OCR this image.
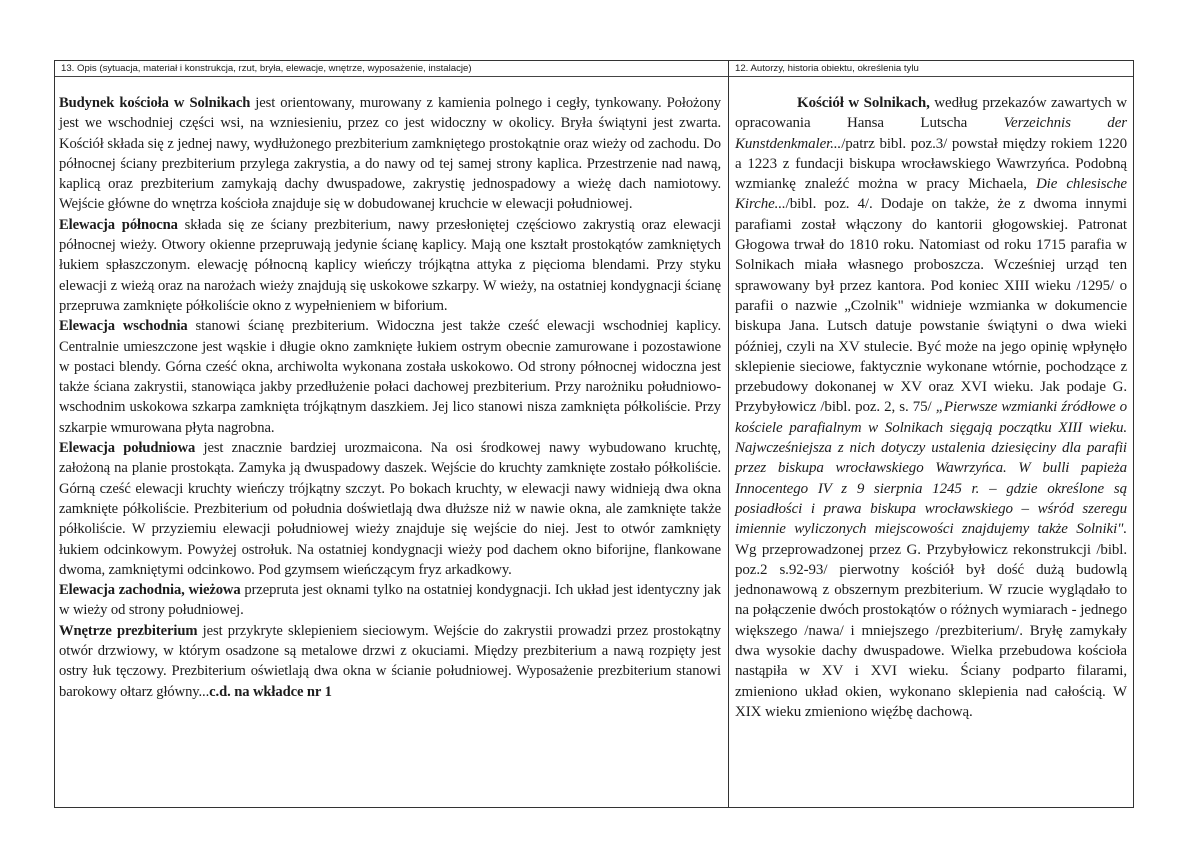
13. Opis (sytuacja, materiał i konstrukcja, rzut, bryła, elewacje, wnętrze, wyposażenie, instalacje)	12. Autorzy, historia obiektu, określenia tylu

Budynek kościoła w Solnikach jest orientowany, murowany z kamienia polnego i cegły, tynkowany. Położony jest we wschodniej części wsi, na wzniesieniu, przez co jest widoczny w okolicy. Bryła świątyni jest zwarta. Kościół składa się z jednej nawy, wydłużonego prezbiterium zamkniętego prostokątnie oraz wieży od zachodu. Do północnej ściany prezbiterium przylega zakrystia, a do nawy od tej samej strony kaplica. Przestrzenie nad nawą, kaplicą oraz prezbiterium zamykają dachy dwuspadowe, zakrystię jednospadowy a wieżę dach namiotowy. Wejście główne do wnętrza kościoła znajduje się w dobudowanej kruchcie w elewacji południowej.

Elewacja północna składa się ze ściany prezbiterium, nawy przesłoniętej częściowo zakrystią oraz elewacji północnej wieży. Otwory okienne przepruwają jedynie ścianę kaplicy. Mają one kształt prostokątów zamkniętych łukiem spłaszczonym. elewację północną kaplicy wieńczy trójkątna attyka z pięcioma blendami. Przy styku elewacji z wieżą oraz na narożach wieży znajdują się uskokowe szkarpy. W wieży, na ostatniej kondygnacji ścianę przepruwa zamknięte półkoliście okno z wypełnieniem w biforium.

Elewacja wschodnia stanowi ścianę prezbiterium. Widoczna jest także cześć elewacji wschodniej kaplicy. Centralnie umieszczone jest wąskie i długie okno zamknięte łukiem ostrym obecnie zamurowane i pozostawione w postaci blendy. Górna cześć okna, archiwolta wykonana została uskokowo. Od strony północnej widoczna jest także ściana zakrystii, stanowiąca jakby przedłużenie połaci dachowej prezbiterium. Przy narożniku południowo-wschodnim uskokowa szkarpa zamknięta trójkątnym daszkiem. Jej lico stanowi nisza zamknięta półkoliście. Przy szkarpie wmurowana płyta nagrobna.

Elewacja południowa jest znacznie bardziej urozmaicona. Na osi środkowej nawy wybudowano kruchtę, założoną na planie prostokąta. Zamyka ją dwuspadowy daszek. Wejście do kruchty zamknięte zostało półkoliście. Górną cześć elewacji kruchty wieńczy trójkątny szczyt. Po bokach kruchty, w elewacji nawy widnieją dwa okna zamknięte półkoliście. Prezbiterium od południa doświetlają dwa dłuższe niż w nawie okna, ale zamknięte także półkoliście. W przyziemiu elewacji południowej wieży znajduje się wejście do niej. Jest to otwór zamknięty łukiem odcinkowym. Powyżej ostrołuk. Na ostatniej kondygnacji wieży pod dachem okno biforijne, flankowane dwoma, zamkniętymi odcinkowo. Pod gzymsem wieńczącym fryz arkadkowy.

Elewacja zachodnia, wieżowa przepruta jest oknami tylko na ostatniej kondygnacji. Ich układ jest identyczny jak w wieży od strony południowej.

Wnętrze prezbiterium jest przykryte sklepieniem sieciowym. Wejście do zakrystii prowadzi przez prostokątny otwór drzwiowy, w którym osadzone są metalowe drzwi z okuciami. Między prezbiterium a nawą rozpięty jest ostry łuk tęczowy. Prezbiterium oświetlają dwa okna w ścianie południowej. Wyposażenie prezbiterium stanowi barokowy ołtarz główny...c.d. na wkładce nr 1

Kościół w Solnikach, według przekazów zawartych w opracowania Hansa Lutscha Verzeichnis der Kunstdenkmaler.../patrz bibl. poz.3/ powstał między rokiem 1220 a 1223 z fundacji biskupa wrocławskiego Wawrzyńca. Podobną wzmiankę znaleźć można w pracy Michaela, Die chlesische Kirche.../bibl. poz. 4/. Dodaje on także, że z dwoma innymi parafiami został włączony do kantorii głogowskiej. Patronat Głogowa trwał do 1810 roku. Natomiast od roku 1715 parafia w Solnikach miała własnego proboszcza. Wcześniej urząd ten sprawowany był przez kantora. Pod koniec XIII wieku /1295/ o parafii o nazwie „Czolnik" widnieje wzmianka w dokumencie biskupa Jana. Lutsch datuje powstanie świątyni o dwa wieki później, czyli na XV stulecie. Być może na jego opinię wpłynęło sklepienie sieciowe, faktycznie wykonane wtórnie, pochodzące z przebudowy dokonanej w XV oraz XVI wieku. Jak podaje G. Przybyłowicz /bibl. poz. 2, s. 75/ „Pierwsze wzmianki źródłowe o kościele parafialnym w Solnikach sięgają początku XIII wieku. Najwcześniejsza z nich dotyczy ustalenia dziesięciny dla parafii przez biskupa wrocławskiego Wawrzyńca. W bulli papieża Innocentego IV z 9 sierpnia 1245 r. – gdzie określone są posiadłości i prawa biskupa wrocławskiego – wśród szeregu imiennie wyliczonych miejscowości znajdujemy także Solniki". Wg przeprowadzonej przez G. Przybyłowicz rekonstrukcji /bibl. poz.2 s.92-93/ pierwotny kościół był dość dużą budowlą jednonawową z obszernym prezbiterium. W rzucie wyglądało to na połączenie dwóch prostokątów o różnych wymiarach - jednego większego /nawa/ i mniejszego /prezbiterium/. Bryłę zamykały dwa wysokie dachy dwuspadowe. Wielka przebudowa kościoła nastąpiła w XV i XVI wieku. Ściany podparto filarami, zmieniono układ okien, wykonano sklepienia nad całością. W XIX wieku zmieniono więźbę dachową.
